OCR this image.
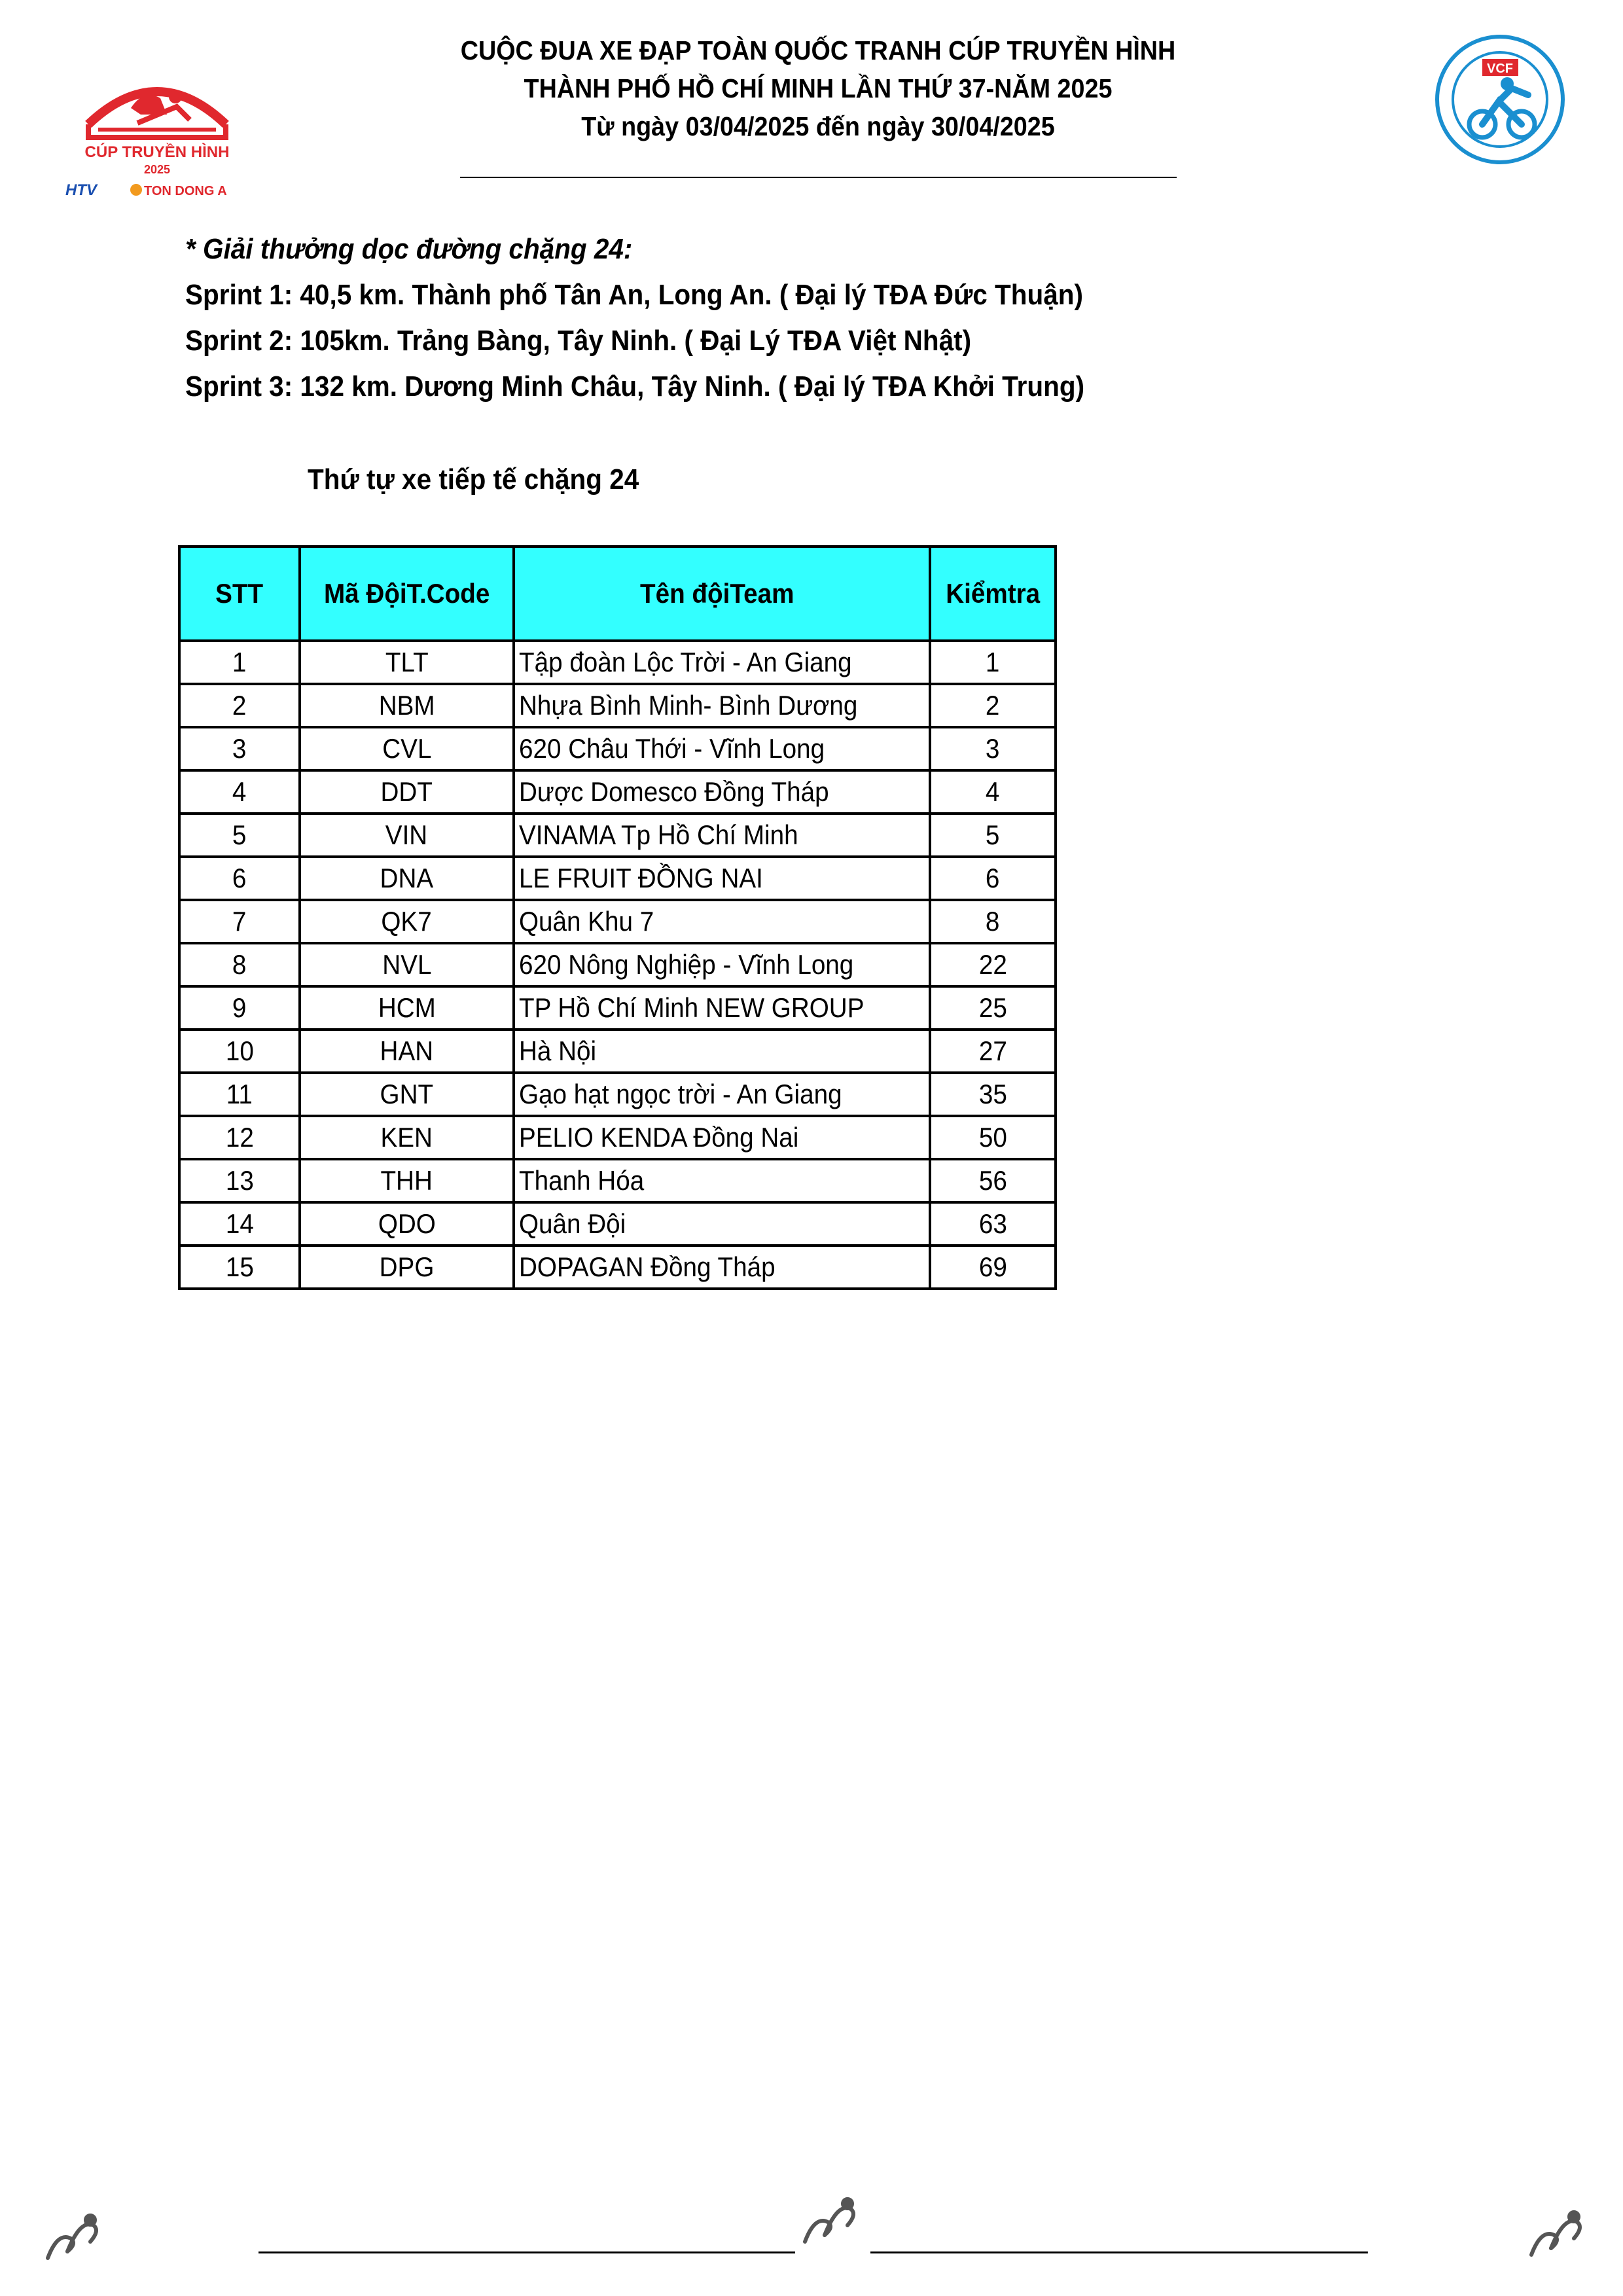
CÚP TRUYỀN HÌNH
2025
HTV	TON DONG A
CUỘC ĐUA XE ĐẠP TOÀN QUỐC TRANH CÚP TRUYỀN HÌNH
THÀNH PHỐ HỒ CHÍ MINH LẦN THỨ 37-NĂM 2025
Từ ngày 03/04/2025 đến ngày 30/04/2025
VCF
* Giải thưởng dọc đường chặng 24:
Sprint 1: 40,5 km. Thành phố Tân An, Long An. ( Đại lý TĐA Đức Thuận)
Sprint 2: 105km. Trảng Bàng, Tây Ninh. ( Đại Lý TĐA Việt Nhật)
Sprint 3: 132 km. Dương Minh Châu, Tây Ninh. ( Đại lý TĐA Khởi Trung)
Thứ tự xe tiếp tế chặng 24
STT	Mã ĐộiT.Code	Tên độiTeam	Kiểmtra
1	TLT	Tập đoàn Lộc Trời - An Giang	1
2	NBM	Nhựa Bình Minh- Bình Dương	2
3	CVL	620 Châu Thới - Vĩnh Long	3
4	DDT	Dược Domesco Đồng Tháp	4
5	VIN	VINAMA Tp Hồ Chí Minh	5
6	DNA	LE FRUIT ĐỒNG NAI	6
7	QK7	Quân Khu 7	8
8	NVL	620 Nông Nghiệp - Vĩnh Long	22
9	HCM	TP Hồ Chí Minh NEW GROUP	25
10	HAN	Hà Nội	27
11	GNT	Gạo hạt ngọc trời - An Giang	35
12	KEN	PELIO KENDA Đồng Nai	50
13	THH	Thanh Hóa	56
14	QDO	Quân Đội	63
15	DPG	DOPAGAN Đồng Tháp	69
